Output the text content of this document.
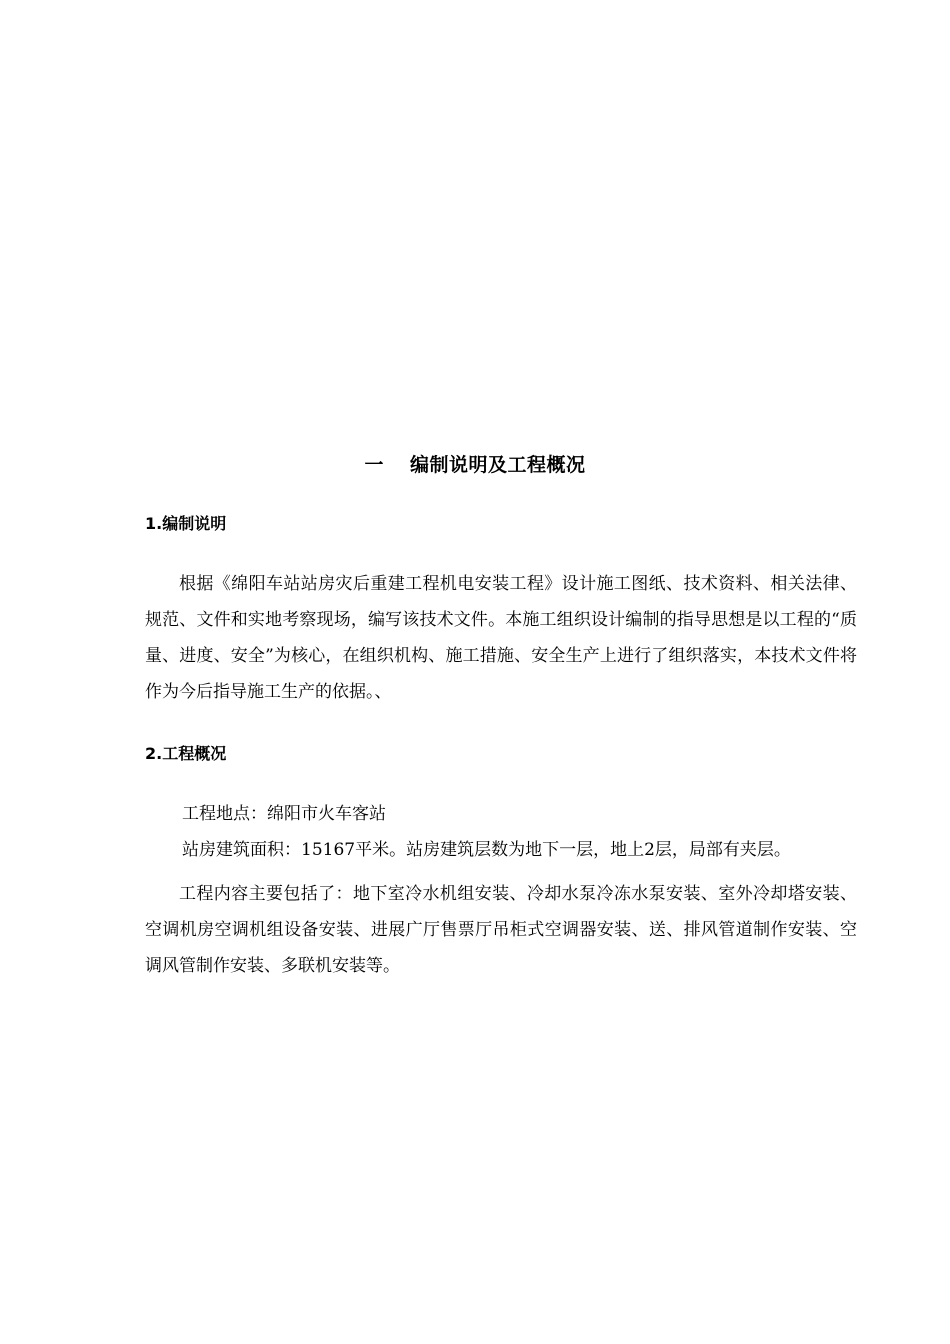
一 编制说明及工程概况
1.编制说明

根据《绵阳车站站房灾后重建工程机电安装工程》设计施工图纸、技术资料、相关法律、规范、文件和实地考察现场，编写该技术文件。本施工组织设计编制的指导思想是以工程的“质量、进度、安全”为核心，在组织机构、施工措施、安全生产上进行了组织落实，本技术文件将作为今后指导施工生产的依据。、

2.工程概况

工程地点：绵阳市火车客站

站房建筑面积：15167平米。站房建筑层数为地下一层，地上2层，局部有夹层。

工程内容主要包括了：地下室冷水机组安装、冷却水泵冷冻水泵安装、室外冷却塔安装、空调机房空调机组设备安装、进展广厅售票厅吊柜式空调器安装、送、排风管道制作安装、空调风管制作安装、多联机安装等。
